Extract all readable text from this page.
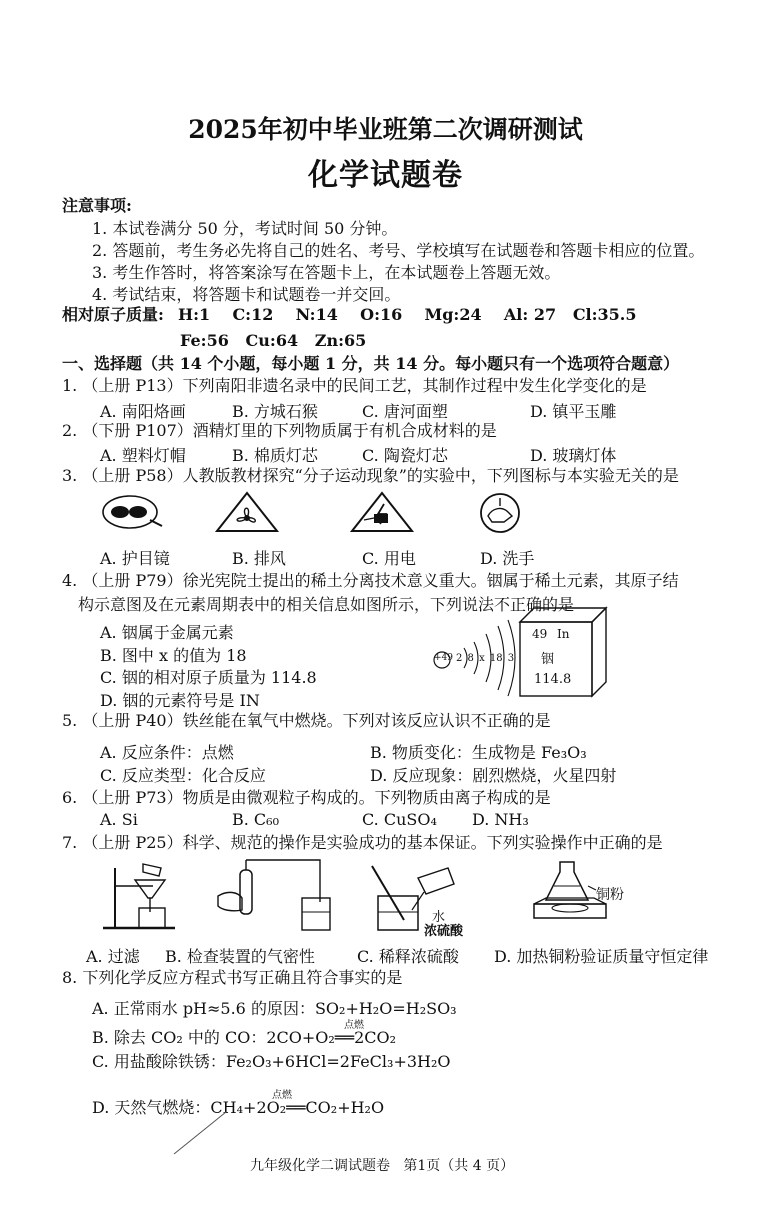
2025年初中毕业班第二次调研测试
化学试题卷
注意事项:
1. 本试卷满分 50 分，考试时间 50 分钟。
2. 答题前，考生务必先将自己的姓名、考号、学校填写在试题卷和答题卡相应的位置。
3. 考生作答时，将答案涂写在答题卡上，在本试题卷上答题无效。
4. 考试结束，将答题卡和试题卷一并交回。
相对原子质量: H:1    C:12    N:14    O:16    Mg:24    Al: 27   Cl:35.5
Fe:56   Cu:64   Zn:65
一、选择题（共 14 个小题，每小题 1 分，共 14 分。每小题只有一个选项符合题意）
1. （上册 P13）下列南阳非遗名录中的民间工艺，其制作过程中发生化学变化的是
A. 南阳烙画	B. 方城石猴	C. 唐河面塑	D. 镇平玉雕
2. （下册 P107）酒精灯里的下列物质属于有机合成材料的是
A. 塑料灯帽	B. 棉质灯芯	C. 陶瓷灯芯	D. 玻璃灯体
3. （上册 P58）人教版教材探究“分子运动现象”的实验中，下列图标与本实验无关的是
A. 护目镜	B. 排风	C. 用电	D. 洗手
4. （上册 P79）徐光宪院士提出的稀土分离技术意义重大。铟属于稀土元素，其原子结
构示意图及在元素周期表中的相关信息如图所示，下列说法不正确的是
A. 铟属于金属元素
B. 图中 x 的值为 18
C. 铟的相对原子质量为 114.8
D. 铟的元素符号是 IN
+49 2 8 x 18 3
49 In
铟
114.8
5. （上册 P40）铁丝能在氧气中燃烧。下列对该反应认识不正确的是
A. 反应条件：点燃	B. 物质变化：生成物是 Fe₃O₃
C. 反应类型：化合反应	D. 反应现象：剧烈燃烧，火星四射
6. （上册 P73）物质是由微观粒子构成的。下列物质由离子构成的是
A. Si	B. C₆₀	C. CuSO₄ D. NH₃
7. （上册 P25）科学、规范的操作是实验成功的基本保证。下列实验操作中正确的是
水
浓硫酸
铜粉
A. 过滤 B. 检查装置的气密性	C. 稀释浓硫酸 D. 加热铜粉验证质量守恒定律
8. 下列化学反应方程式书写正确且符合事实的是
A. 正常雨水 pH≈5.6 的原因：SO₂+H₂O=H₂SO₃
点燃
B. 除去 CO₂ 中的 CO：2CO+O₂══2CO₂
C. 用盐酸除铁锈：Fe₂O₃+6HCl=2FeCl₃+3H₂O
点燃
D. 天然气燃烧：CH₄+2O₂══CO₂+H₂O
九年级化学二调试题卷   第1页（共 4 页）
